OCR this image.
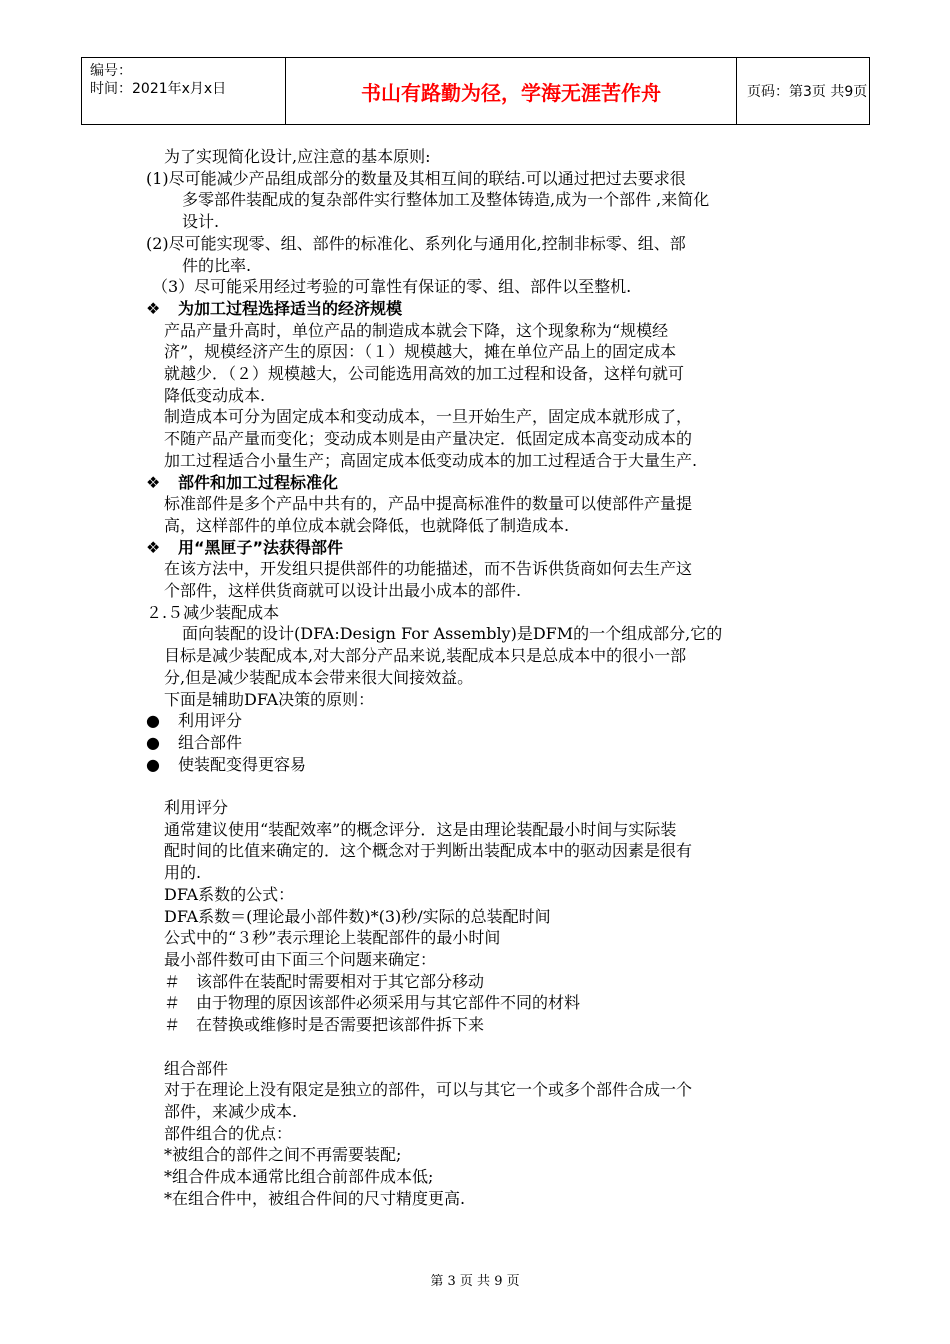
编号：
时间：2021年x月x日	书山有路勤为径，学海无涯苦作舟	页码：第3页 共9页
为了实现简化设计,应注意的基本原则:
(1)尽可能减少产品组成部分的数量及其相互间的联结.可以通过把过去要求很
多零部件装配成的复杂部件实行整体加工及整体铸造,成为一个部件 ,来简化
设计.
(2)尽可能实现零、组、部件的标准化、系列化与通用化,控制非标零、组、部
件的比率.
（3）尽可能采用经过考验的可靠性有保证的零、组、部件以至整机.
❖ 为加工过程选择适当的经济规模
产品产量升高时，单位产品的制造成本就会下降，这个现象称为“规模经
济”，规模经济产生的原因：（１）规模越大，摊在单位产品上的固定成本
就越少．（２）规模越大，公司能选用高效的加工过程和设备，这样句就可
降低变动成本.
制造成本可分为固定成本和变动成本，一旦开始生产，固定成本就形成了，
不随产品产量而变化；变动成本则是由产量决定．低固定成本高变动成本的
加工过程适合小量生产；高固定成本低变动成本的加工过程适合于大量生产.
❖ 部件和加工过程标准化
标准部件是多个产品中共有的，产品中提高标准件的数量可以使部件产量提
高，这样部件的单位成本就会降低，也就降低了制造成本.
❖ 用“黑匣子”法获得部件
在该方法中，开发组只提供部件的功能描述，而不告诉供货商如何去生产这
个部件，这样供货商就可以设计出最小成本的部件.
２.５减少装配成本
面向装配的设计(DFA:Design For Assembly)是DFM的一个组成部分,它的
目标是减少装配成本,对大部分产品来说,装配成本只是总成本中的很小一部
分,但是减少装配成本会带来很大间接效益。
下面是辅助DFA决策的原则：
● 利用评分
● 组合部件
● 使装配变得更容易
利用评分
通常建议使用“装配效率”的概念评分．这是由理论装配最小时间与实际装
配时间的比值来确定的．这个概念对于判断出装配成本中的驱动因素是很有
用的.
DFA系数的公式：
DFA系数＝(理论最小部件数)*(3)秒/实际的总装配时间
公式中的“３秒”表示理论上装配部件的最小时间
最小部件数可由下面三个问题来确定：
＃　该部件在装配时需要相对于其它部分移动
＃　由于物理的原因该部件必须采用与其它部件不同的材料
＃　在替换或维修时是否需要把该部件拆下来
组合部件
对于在理论上没有限定是独立的部件，可以与其它一个或多个部件合成一个
部件，来减少成本.
部件组合的优点：
*被组合的部件之间不再需要装配;
*组合件成本通常比组合前部件成本低;
*在组合件中，被组合件间的尺寸精度更高.
第 3 页 共 9 页
